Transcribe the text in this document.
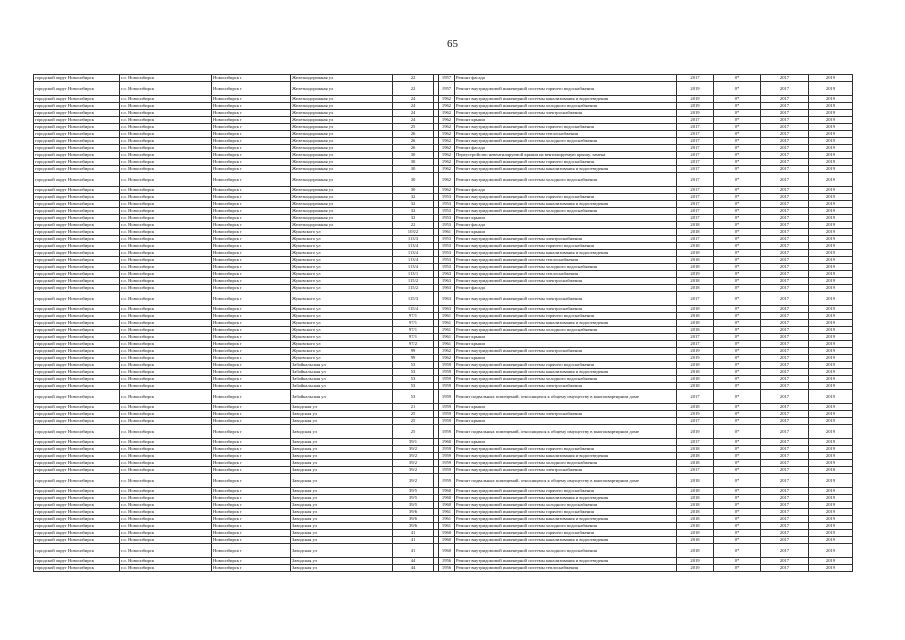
65
городской округ Новосибирск	г.о. Новосибирск	Новосибирск г	Железнодорожная ул	22		1957	Ремонт фасада	2017	0*	2017	2019
городской округ Новосибирск	г.о. Новосибирск	Новосибирск г	Железнодорожная ул	22		1957	Ремонт внутридомовой инженерной системы горячего водоснабжения	2019	0*	2017	2019
городской округ Новосибирск	г.о. Новосибирск	Новосибирск г	Железнодорожная ул	24		1962	Ремонт внутридомовой инженерной системы канализования и водоотведения	2019	0*	2017	2019
городской округ Новосибирск	г.о. Новосибирск	Новосибирск г	Железнодорожная ул	24		1962	Ремонт внутридомовой инженерной системы холодного водоснабжения	2019	0*	2017	2019
городской округ Новосибирск	г.о. Новосибирск	Новосибирск г	Железнодорожная ул	24		1962	Ремонт внутридомовой инженерной системы электроснабжения	2019	0*	2017	2019
городской округ Новосибирск	г.о. Новосибирск	Новосибирск г	Железнодорожная ул	24		1962	Ремонт крыши	2017	0*	2017	2019
городской округ Новосибирск	г.о. Новосибирск	Новосибирск г	Железнодорожная ул	25		1962	Ремонт внутридомовой инженерной системы горячего водоснабжения	2017	0*	2017	2019
городской округ Новосибирск	г.о. Новосибирск	Новосибирск г	Железнодорожная ул	26		1962	Ремонт внутридомовой инженерной системы теплоснабжения	2017	0*	2017	2019
городской округ Новосибирск	г.о. Новосибирск	Новосибирск г	Железнодорожная ул	26		1962	Ремонт внутридомовой инженерной системы холодного водоснабжения	2017	0*	2017	2019
городской округ Новосибирск	г.о. Новосибирск	Новосибирск г	Железнодорожная ул	26		1962	Ремонт фасада	2017	0*	2017	2019
городской округ Новосибирск	г.о. Новосибирск	Новосибирск г	Железнодорожная ул	30		1962	Переустройство невентилируемой крыши на вентилируемую крышу, замена	2017	0*	2017	2019
городской округ Новосибирск	г.о. Новосибирск	Новосибирск г	Железнодорожная ул	30		1962	Ремонт внутридомовой инженерной системы горячего водоснабжения	2017	0*	2017	2019
городской округ Новосибирск	г.о. Новосибирск	Новосибирск г	Железнодорожная ул	30		1962	Ремонт внутридомовой инженерной системы канализования и водоотведения	2017	0*	2017	2019
городской округ Новосибирск	г.о. Новосибирск	Новосибирск г	Железнодорожная ул	30		1962	Ремонт внутридомовой инженерной системы холодного водоснабжения	2017	0*	2017	2019
городской округ Новосибирск	г.о. Новосибирск	Новосибирск г	Железнодорожная ул	30		1962	Ремонт фасада	2017	0*	2017	2019
городской округ Новосибирск	г.о. Новосибирск	Новосибирск г	Железнодорожная ул	32		1953	Ремонт внутридомовой инженерной системы горячего водоснабжения	2017	0*	2017	2019
городской округ Новосибирск	г.о. Новосибирск	Новосибирск г	Железнодорожная ул	32		1953	Ремонт внутридомовой инженерной системы канализования и водоотведения	2017	0*	2017	2019
городской округ Новосибирск	г.о. Новосибирск	Новосибирск г	Железнодорожная ул	32		1953	Ремонт внутридомовой инженерной системы холодного водоснабжения	2017	0*	2017	2019
городской округ Новосибирск	г.о. Новосибирск	Новосибирск г	Железнодорожная ул	32		1953	Ремонт крыши	2017	0*	2017	2019
городской округ Новосибирск	г.о. Новосибирск	Новосибирск г	Железнодорожная ул	22		1953	Ремонт фасада	2018	0*	2017	2019
городской округ Новосибирск	г.о. Новосибирск	Новосибирск г	Жуковского ул	103/2		1961	Ремонт крыши	2018	0*	2017	2019
городской округ Новосибирск	г.о. Новосибирск	Новосибирск г	Жуковского ул	113/3		1953	Ремонт внутридомовой инженерной системы электроснабжения	2017	0*	2017	2019
городской округ Новосибирск	г.о. Новосибирск	Новосибирск г	Жуковского ул	113/4		1953	Ремонт внутридомовой инженерной системы горячего водоснабжения	2018	0*	2017	2019
городской округ Новосибирск	г.о. Новосибирск	Новосибирск г	Жуковского ул	113/4		1953	Ремонт внутридомовой инженерной системы канализования и водоотведения	2018	0*	2017	2019
городской округ Новосибирск	г.о. Новосибирск	Новосибирск г	Жуковского ул	113/4		1953	Ремонт внутридомовой инженерной системы теплоснабжения	2018	0*	2017	2019
городской округ Новосибирск	г.о. Новосибирск	Новосибирск г	Жуковского ул	113/4		1953	Ремонт внутридомовой инженерной системы холодного водоснабжения	2018	0*	2017	2019
городской округ Новосибирск	г.о. Новосибирск	Новосибирск г	Жуковского ул	113/1		1963	Ремонт внутридомовой инженерной системы теплоснабжения	2019	0*	2017	2019
городской округ Новосибирск	г.о. Новосибирск	Новосибирск г	Жуковского ул	115/2		1963	Ремонт внутридомовой инженерной системы электроснабжения	2018	0*	2017	2019
городской округ Новосибирск	г.о. Новосибирск	Новосибирск г	Жуковского ул	115/2		1963	Ремонт фасада	2018	0*	2017	2019
городской округ Новосибирск	г.о. Новосибирск	Новосибирск г	Жуковского ул	115/3		1963	Ремонт внутридомовой инженерной системы электроснабжения	2017	0*	2017	2019
городской округ Новосибирск	г.о. Новосибирск	Новосибирск г	Жуковского ул	115/4		1963	Ремонт внутридомовой инженерной системы электроснабжения	2018	0*	2017	2019
городской округ Новосибирск	г.о. Новосибирск	Новосибирск г	Жуковского ул	97/1		1961	Ремонт внутридомовой инженерной системы горячего водоснабжения	2018	0*	2017	2019
городской округ Новосибирск	г.о. Новосибирск	Новосибирск г	Жуковского ул	97/1		1961	Ремонт внутридомовой инженерной системы канализования и водоотведения	2018	0*	2017	2019
городской округ Новосибирск	г.о. Новосибирск	Новосибирск г	Жуковского ул	97/1		1961	Ремонт внутридомовой инженерной системы холодного водоснабжения	2018	0*	2017	2019
городской округ Новосибирск	г.о. Новосибирск	Новосибирск г	Жуковского ул	97/1		1961	Ремонт крыши	2017	0*	2017	2019
городской округ Новосибирск	г.о. Новосибирск	Новосибирск г	Жуковского ул	97/2		1961	Ремонт крыши	2017	0*	2017	2019
городской округ Новосибирск	г.о. Новосибирск	Новосибирск г	Жуковского ул	99		1962	Ремонт внутридомовой инженерной системы электроснабжения	2019	0*	2017	2019
городской округ Новосибирск	г.о. Новосибирск	Новосибирск г	Жуковского ул	99		1962	Ремонт крыши	2019	0*	2017	2019
городской округ Новосибирск	г.о. Новосибирск	Новосибирск г	Забайкальская ул	53		1959	Ремонт внутридомовой инженерной системы горячего водоснабжения	2018	0*	2017	2019
городской округ Новосибирск	г.о. Новосибирск	Новосибирск г	Забайкальская ул	53		1959	Ремонт внутридомовой инженерной системы канализования и водоотведения	2018	0*	2017	2019
городской округ Новосибирск	г.о. Новосибирск	Новосибирск г	Забайкальская ул	53		1959	Ремонт внутридомовой инженерной системы холодного водоснабжения	2018	0*	2017	2019
городской округ Новосибирск	г.о. Новосибирск	Новосибирск г	Забайкальская ул	53		1959	Ремонт внутридомовой инженерной системы электроснабжения	2018	0*	2017	2019
городской округ Новосибирск	г.о. Новосибирск	Новосибирск г	Забайкальская ул	53		1959	Ремонт подвальных помещений, относящихся к общему имуществу в многоквартирном доме	2017	0*	2017	2019
городской округ Новосибирск	г.о. Новосибирск	Новосибирск г	Заводская ул	21		1959	Ремонт крыши	2018	0*	2017	2019
городской округ Новосибирск	г.о. Новосибирск	Новосибирск г	Заводская ул	25		1959	Ремонт внутридомовой инженерной системы электроснабжения	2019	0*	2017	2019
городской округ Новосибирск	г.о. Новосибирск	Новосибирск г	Заводская ул	25		1959	Ремонт крыши	2017	0*	2017	2019
городской округ Новосибирск	г.о. Новосибирск	Новосибирск г	Заводская ул	25		1959	Ремонт подвальных помещений, относящихся к общему имуществу в многоквартирном доме	2019	0*	2017	2019
городской округ Новосибирск	г.о. Новосибирск	Новосибирск г	Заводская ул	39/1		1960	Ремонт крыши	2017	0*	2017	2019
городской округ Новосибирск	г.о. Новосибирск	Новосибирск г	Заводская ул	39/2		1959	Ремонт внутридомовой инженерной системы горячего водоснабжения	2018	0*	2017	2019
городской округ Новосибирск	г.о. Новосибирск	Новосибирск г	Заводская ул	39/2		1959	Ремонт внутридомовой инженерной системы канализования и водоотведения	2018	0*	2017	2019
городской округ Новосибирск	г.о. Новосибирск	Новосибирск г	Заводская ул	39/2		1959	Ремонт внутридомовой инженерной системы холодного водоснабжения	2018	0*	2017	2019
городской округ Новосибирск	г.о. Новосибирск	Новосибирск г	Заводская ул	39/2		1959	Ремонт внутридомовой инженерной системы электроснабжения	2017	0*	2017	2018
городской округ Новосибирск	г.о. Новосибирск	Новосибирск г	Заводская ул	39/2		1959	Ремонт подвальных помещений, относящихся к общему имуществу в многоквартирном доме	2018	0*	2017	2019
городской округ Новосибирск	г.о. Новосибирск	Новосибирск г	Заводская ул	39/5		1960	Ремонт внутридомовой инженерной системы горячего водоснабжения	2018	0*	2017	2019
городской округ Новосибирск	г.о. Новосибирск	Новосибирск г	Заводская ул	39/5		1960	Ремонт внутридомовой инженерной системы канализования и водоотведения	2018	0*	2017	2019
городской округ Новосибирск	г.о. Новосибирск	Новосибирск г	Заводская ул	39/5		1960	Ремонт внутридомовой инженерной системы холодного водоснабжения	2018	0*	2017	2019
городской округ Новосибирск	г.о. Новосибирск	Новосибирск г	Заводская ул	39/6		1961	Ремонт внутридомовой инженерной системы горячего водоснабжения	2018	0*	2017	2019
городской округ Новосибирск	г.о. Новосибирск	Новосибирск г	Заводская ул	39/6		1961	Ремонт внутридомовой инженерной системы канализования и водоотведения	2018	0*	2017	2019
городской округ Новосибирск	г.о. Новосибирск	Новосибирск г	Заводская ул	39/6		1961	Ремонт внутридомовой инженерной системы холодного водоснабжения	2018	0*	2017	2019
городской округ Новосибирск	г.о. Новосибирск	Новосибирск г	Заводская ул	41		1960	Ремонт внутридомовой инженерной системы горячего водоснабжения	2018	0*	2017	2019
городской округ Новосибирск	г.о. Новосибирск	Новосибирск г	Заводская ул	41		1960	Ремонт внутридомовой инженерной системы канализования и водоотведения	2018	0*	2017	2019
городской округ Новосибирск	г.о. Новосибирск	Новосибирск г	Заводская ул	41		1960	Ремонт внутридомовой инженерной системы холодного водоснабжения	2018	0*	2017	2019
городской округ Новосибирск	г.о. Новосибирск	Новосибирск г	Заводская ул	44		1956	Ремонт внутридомовой инженерной системы канализования и водоотведения	2019	0*	2017	2019
городской округ Новосибирск	г.о. Новосибирск	Новосибирск г	Заводская ул	44		1956	Ремонт внутридомовой инженерной системы теплоснабжения	2019	0*	2017	2019
